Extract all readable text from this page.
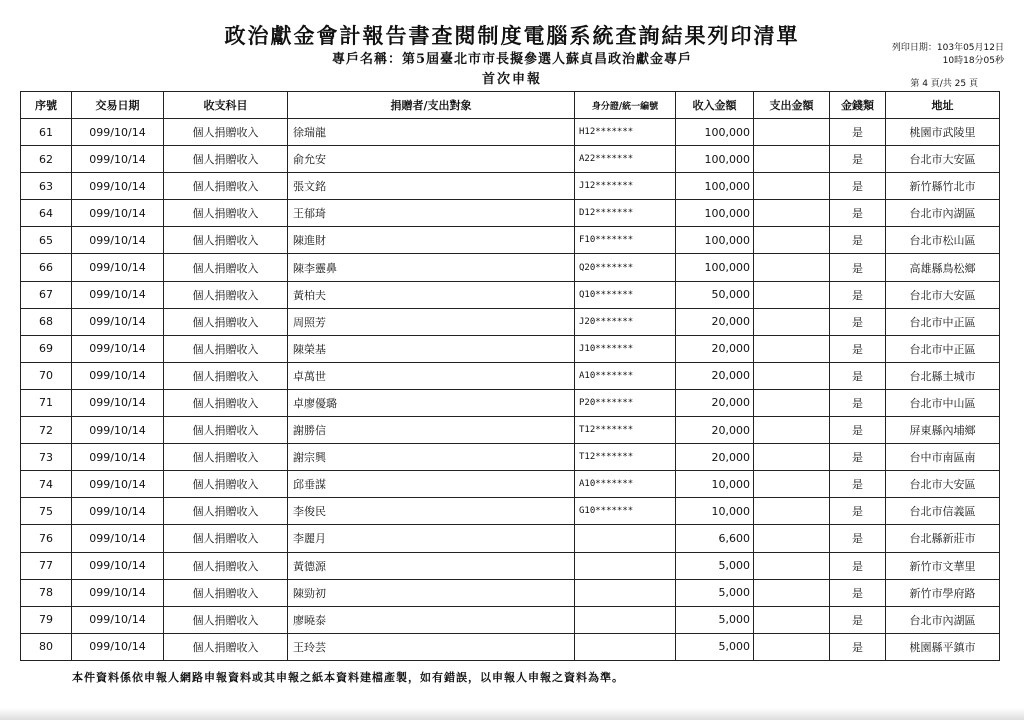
政治獻金會計報告書查閱制度電腦系統查詢結果列印清單
專戶名稱：第5屆臺北市市長擬參選人蘇貞昌政治獻金專戶
首次申報
列印日期：103年05月12日
10時18分05秒
第 4 頁/共 25 頁
序號	交易日期	收支科目	捐贈者/支出對象	身分證/統一編號	收入金額	支出金額	金錢類	地址
61	099/10/14	個人捐贈收入	徐瑞龍	H12*******	100,000		是	桃園市武陵里
62	099/10/14	個人捐贈收入	俞允安	A22*******	100,000		是	台北市大安區
63	099/10/14	個人捐贈收入	張文銘	J12*******	100,000		是	新竹縣竹北市
64	099/10/14	個人捐贈收入	王郁琦	D12*******	100,000		是	台北市內湖區
65	099/10/14	個人捐贈收入	陳進財	F10*******	100,000		是	台北市松山區
66	099/10/14	個人捐贈收入	陳李靈鼻	Q20*******	100,000		是	高雄縣鳥松鄉
67	099/10/14	個人捐贈收入	黃柏夫	Q10*******	50,000		是	台北市大安區
68	099/10/14	個人捐贈收入	周照芳	J20*******	20,000		是	台北市中正區
69	099/10/14	個人捐贈收入	陳榮基	J10*******	20,000		是	台北市中正區
70	099/10/14	個人捐贈收入	卓萬世	A10*******	20,000		是	台北縣土城市
71	099/10/14	個人捐贈收入	卓廖優璐	P20*******	20,000		是	台北市中山區
72	099/10/14	個人捐贈收入	謝勝信	T12*******	20,000		是	屏東縣內埔鄉
73	099/10/14	個人捐贈收入	謝宗興	T12*******	20,000		是	台中市南區南
74	099/10/14	個人捐贈收入	邱垂謀	A10*******	10,000		是	台北市大安區
75	099/10/14	個人捐贈收入	李俊民	G10*******	10,000		是	台北市信義區
76	099/10/14	個人捐贈收入	李麗月		6,600		是	台北縣新莊市
77	099/10/14	個人捐贈收入	黃德源		5,000		是	新竹市文華里
78	099/10/14	個人捐贈收入	陳勁初		5,000		是	新竹市學府路
79	099/10/14	個人捐贈收入	廖曉泰		5,000		是	台北市內湖區
80	099/10/14	個人捐贈收入	王玲芸		5,000		是	桃園縣平鎮市
本件資料係依申報人網路申報資料或其申報之紙本資料建檔產製，如有錯誤，以申報人申報之資料為準。
